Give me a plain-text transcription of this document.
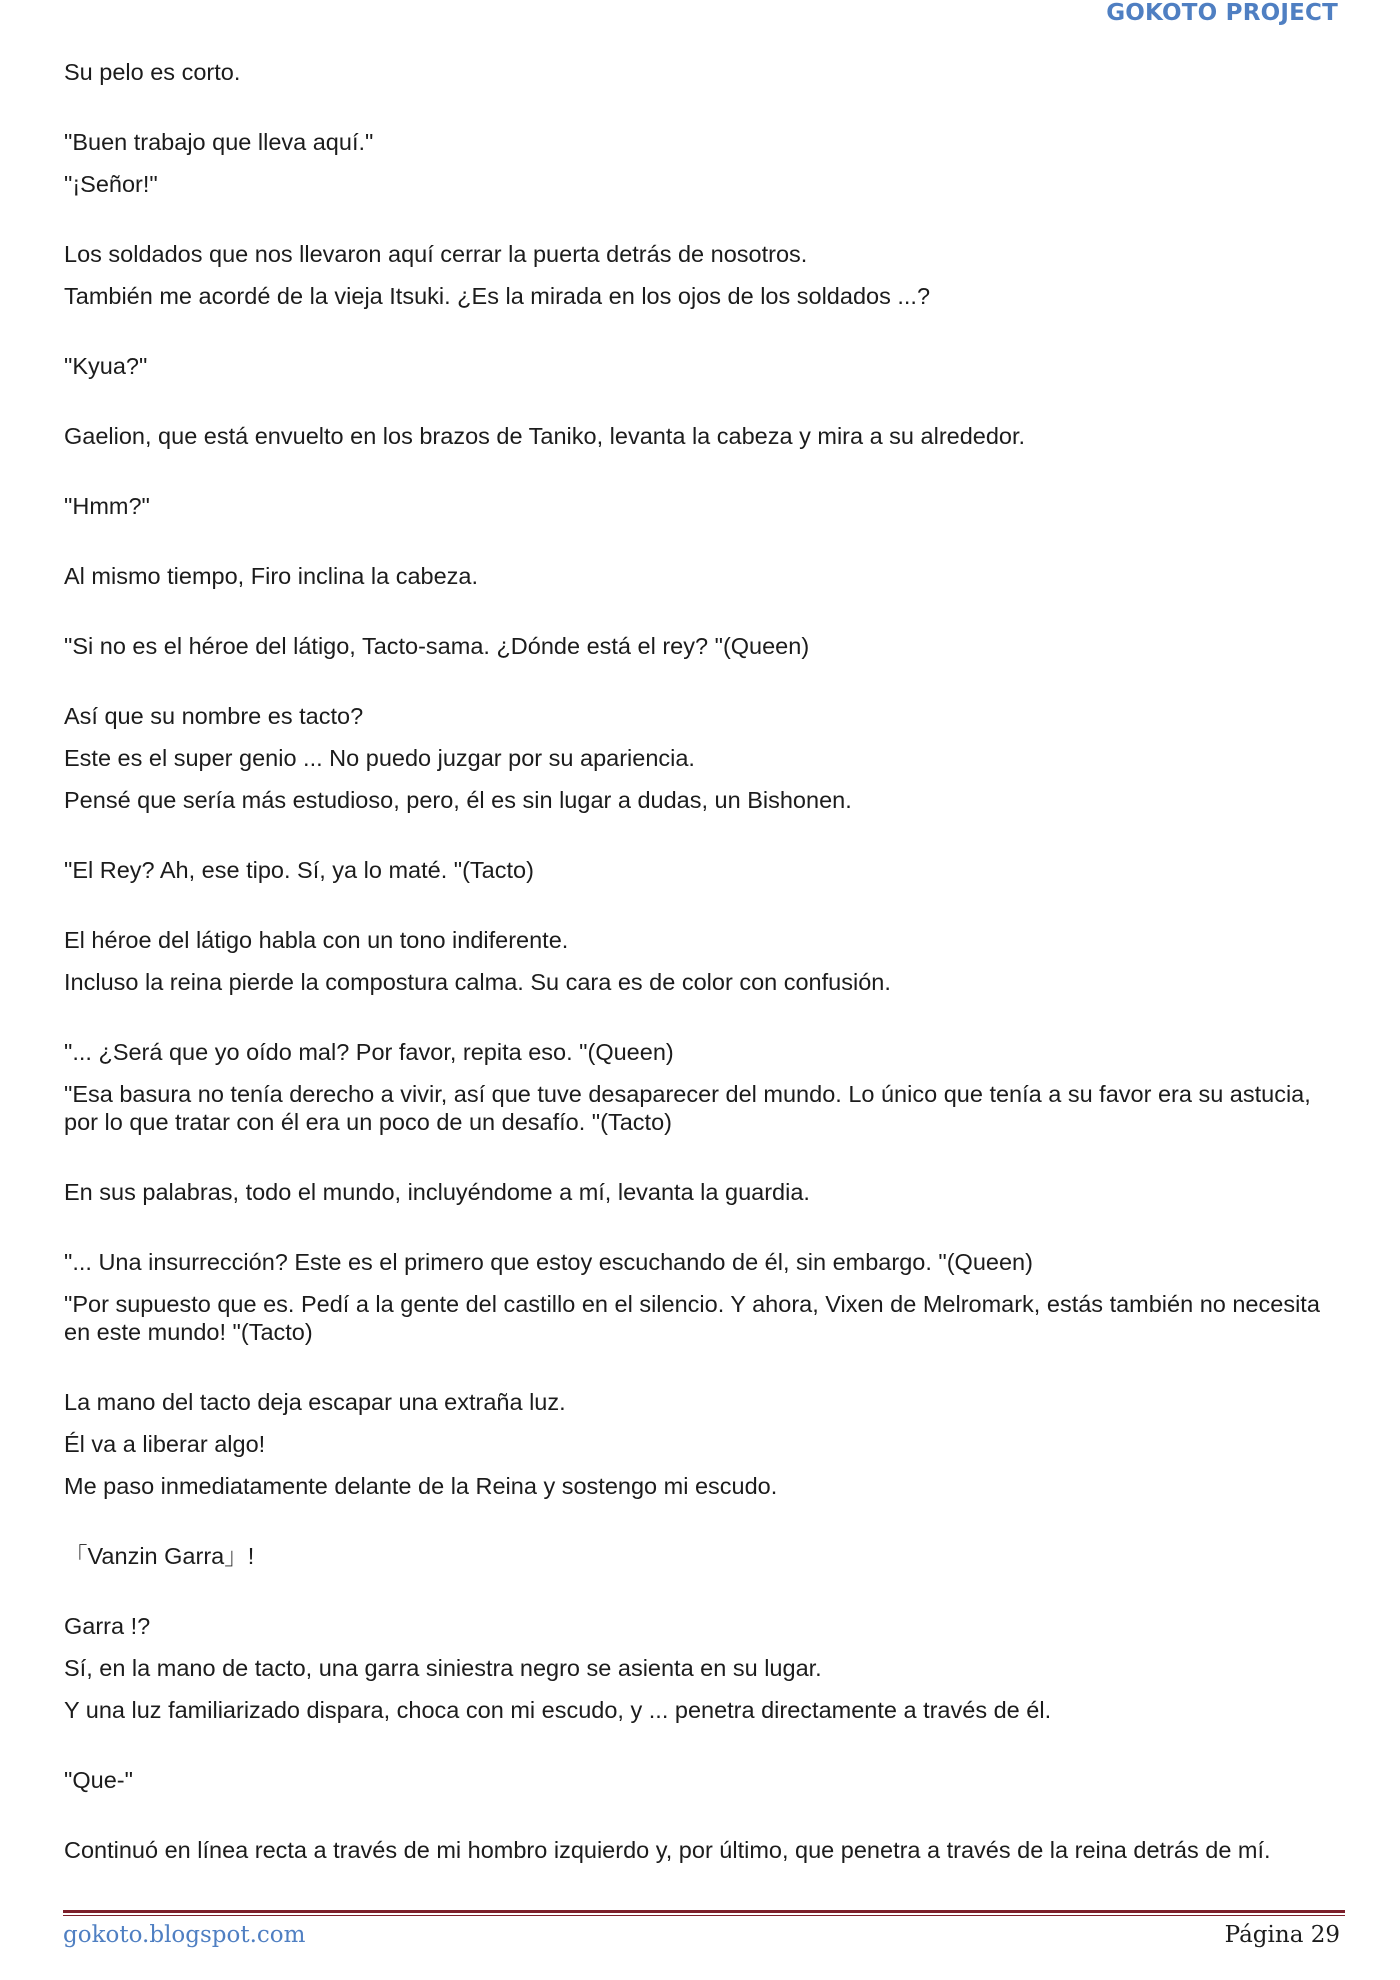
GOKOTO PROJECT

Su pelo es corto.

"Buen trabajo que lleva aquí."

"¡Señor!"

Los soldados que nos llevaron aquí cerrar la puerta detrás de nosotros.

También me acordé de la vieja Itsuki. ¿Es la mirada en los ojos de los soldados ...?

"Kyua?"

Gaelion, que está envuelto en los brazos de Taniko, levanta la cabeza y mira a su alrededor.

"Hmm?"

Al mismo tiempo, Firo inclina la cabeza.

"Si no es el héroe del látigo, Tacto-sama. ¿Dónde está el rey? "(Queen)

Así que su nombre es tacto?

Este es el super genio ... No puedo juzgar por su apariencia.

Pensé que sería más estudioso, pero, él es sin lugar a dudas, un Bishonen.

"El Rey? Ah, ese tipo. Sí, ya lo maté. "(Tacto)

El héroe del látigo habla con un tono indiferente.

Incluso la reina pierde la compostura calma. Su cara es de color con confusión.

"... ¿Será que yo oído mal? Por favor, repita eso. "(Queen)

"Esa basura no tenía derecho a vivir, así que tuve desaparecer del mundo. Lo único que tenía a su favor era su astucia, por lo que tratar con él era un poco de un desafío. "(Tacto)

En sus palabras, todo el mundo, incluyéndome a mí, levanta la guardia.

"... Una insurrección? Este es el primero que estoy escuchando de él, sin embargo. "(Queen)

"Por supuesto que es. Pedí a la gente del castillo en el silencio. Y ahora, Vixen de Melromark, estás también no necesita en este mundo! "(Tacto)

La mano del tacto deja escapar una extraña luz.

Él va a liberar algo!

Me paso inmediatamente delante de la Reina y sostengo mi escudo.

「Vanzin Garra」!

Garra !?

Sí, en la mano de tacto, una garra siniestra negro se asienta en su lugar.

Y una luz familiarizado dispara, choca con mi escudo, y ... penetra directamente a través de él.

"Que-"

Continuó en línea recta a través de mi hombro izquierdo y, por último, que penetra a través de la reina detrás de mí.

gokoto.blogspot.com	Página 29
